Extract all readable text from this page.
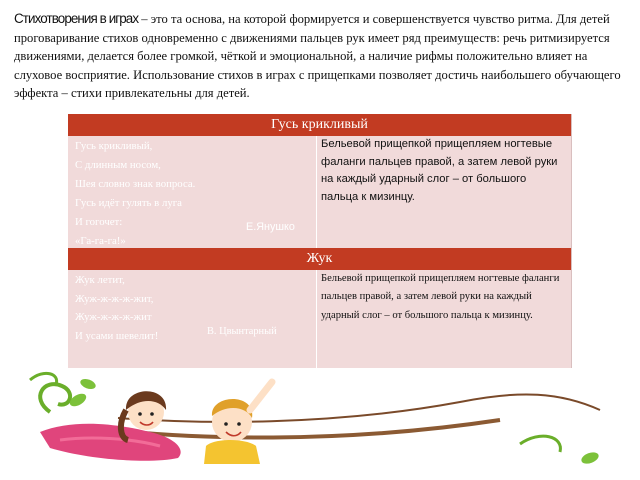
Стихотворения в играх – это та основа, на которой формируется и совершенствуется чувство ритма. Для детей проговаривание стихов одновременно с движениями пальцев рук имеет ряд преимуществ: речь ритмизируется движениями, делается более громкой, чёткой и эмоциональной, а наличие рифмы положительно влияет на слуховое восприятие. Использование стихов в играх с прищепками позволяет достичь наибольшего обучающего эффекта – стихи привлекательны для детей.
Гусь крикливый
Гусь крикливый,
С длинным носом,
Шея словно знак вопроса.
Гусь идёт гулять в луга
И гогочет:
«Га-га-га!»
Е.Янушко
Бельевой прищепкой прищепляем ногтевые фаланги пальцев правой, а затем левой руки на каждый ударный слог – от большого пальца к мизинцу.
Жук
Жук летит,
Жуж-ж-ж-ж-жит,
Жуж-ж-ж-ж-жит
И усами шевелит!	В. Цвынтарный
Бельевой прищепкой прищепляем ногтевые фаланги пальцев правой, а затем левой руки на каждый ударный слог – от большого пальца к мизинцу.
